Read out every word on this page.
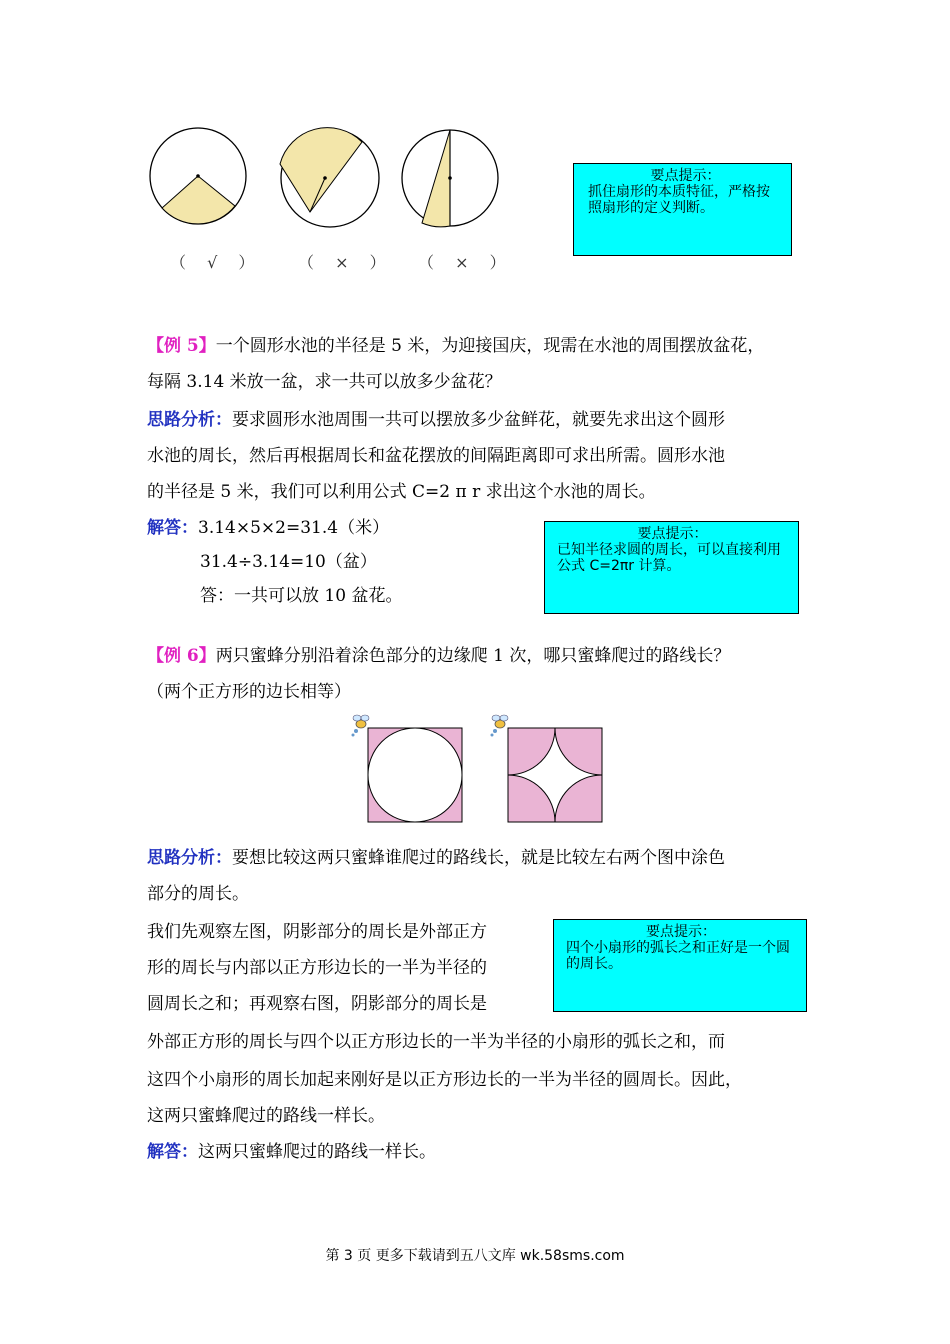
（ √ ） （ × ） （ × ）
要点提示：
抓住扇形的本质特征，严格按照扇形的定义判断。
【例 5】一个圆形水池的半径是 5 米，为迎接国庆，现需在水池的周围摆放盆花，
每隔 3.14 米放一盆，求一共可以放多少盆花？
思路分析：要求圆形水池周围一共可以摆放多少盆鲜花，就要先求出这个圆形
水池的周长，然后再根据周长和盆花摆放的间隔距离即可求出所需。圆形水池
的半径是 5 米，我们可以利用公式 C=2 π r 求出这个水池的周长。
解答：3.14×5×2=31.4（米）
31.4÷3.14=10（盆）
答：一共可以放 10 盆花。
要点提示：
已知半径求圆的周长，可以直接利用公式 C=2πr 计算。
【例 6】两只蜜蜂分别沿着涂色部分的边缘爬 1 次，哪只蜜蜂爬过的路线长？
（两个正方形的边长相等）
思路分析：要想比较这两只蜜蜂谁爬过的路线长，就是比较左右两个图中涂色
部分的周长。
我们先观察左图，阴影部分的周长是外部正方
形的周长与内部以正方形边长的一半为半径的
圆周长之和；再观察右图，阴影部分的周长是
外部正方形的周长与四个以正方形边长的一半为半径的小扇形的弧长之和，而
这四个小扇形的周长加起来刚好是以正方形边长的一半为半径的圆周长。因此，
这两只蜜蜂爬过的路线一样长。
解答：这两只蜜蜂爬过的路线一样长。
要点提示：
四个小扇形的弧长之和正好是一个圆的周长。
第 3 页 更多下载请到五八文库 wk.58sms.com
